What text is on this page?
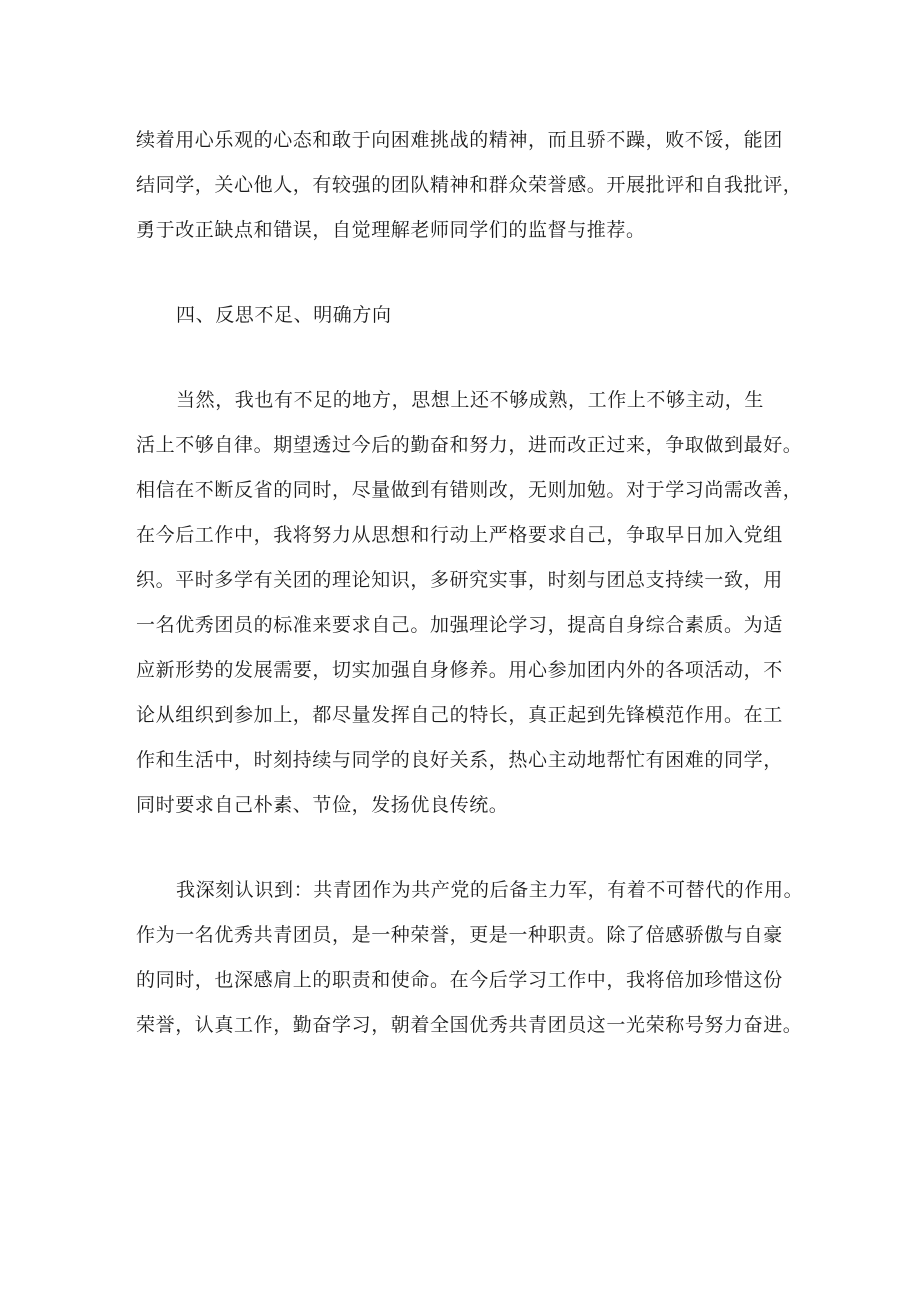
续着用心乐观的心态和敢于向困难挑战的精神，而且骄不躁，败不馁，能团
结同学，关心他人，有较强的团队精神和群众荣誉感。开展批评和自我批评，
勇于改正缺点和错误，自觉理解老师同学们的监督与推荐。
四、反思不足、明确方向
当然，我也有不足的地方，思想上还不够成熟，工作上不够主动，生
活上不够自律。期望透过今后的勤奋和努力，进而改正过来，争取做到最好。
相信在不断反省的同时，尽量做到有错则改，无则加勉。对于学习尚需改善，
在今后工作中，我将努力从思想和行动上严格要求自己，争取早日加入党组
织。平时多学有关团的理论知识，多研究实事，时刻与团总支持续一致，用
一名优秀团员的标准来要求自己。加强理论学习，提高自身综合素质。为适
应新形势的发展需要，切实加强自身修养。用心参加团内外的各项活动，不
论从组织到参加上，都尽量发挥自己的特长，真正起到先锋模范作用。在工
作和生活中，时刻持续与同学的良好关系，热心主动地帮忙有困难的同学，
同时要求自己朴素、节俭，发扬优良传统。
我深刻认识到：共青团作为共产党的后备主力军，有着不可替代的作用。
作为一名优秀共青团员，是一种荣誉，更是一种职责。除了倍感骄傲与自豪
的同时，也深感肩上的职责和使命。在今后学习工作中，我将倍加珍惜这份
荣誉，认真工作，勤奋学习，朝着全国优秀共青团员这一光荣称号努力奋进。
